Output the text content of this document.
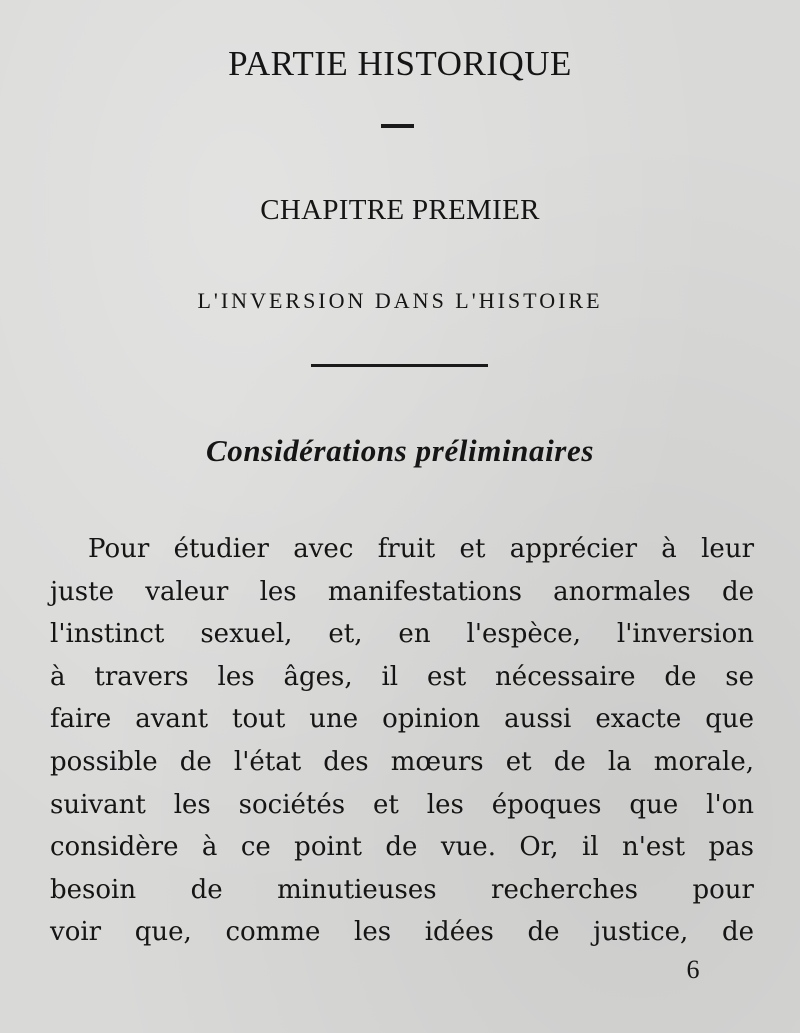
PARTIE HISTORIQUE
CHAPITRE PREMIER
L'INVERSION DANS L'HISTOIRE
Considérations préliminaires
Pour étudier avec fruit et apprécier à leur
juste valeur les manifestations anormales de
l'instinct sexuel, et, en l'espèce, l'inversion
à travers les âges, il est nécessaire de se
faire avant tout une opinion aussi exacte que
possible de l'état des mœurs et de la morale,
suivant les sociétés et les époques que l'on
considère à ce point de vue. Or, il n'est pas
besoin de minutieuses recherches pour
voir que, comme les idées de justice, de
6
